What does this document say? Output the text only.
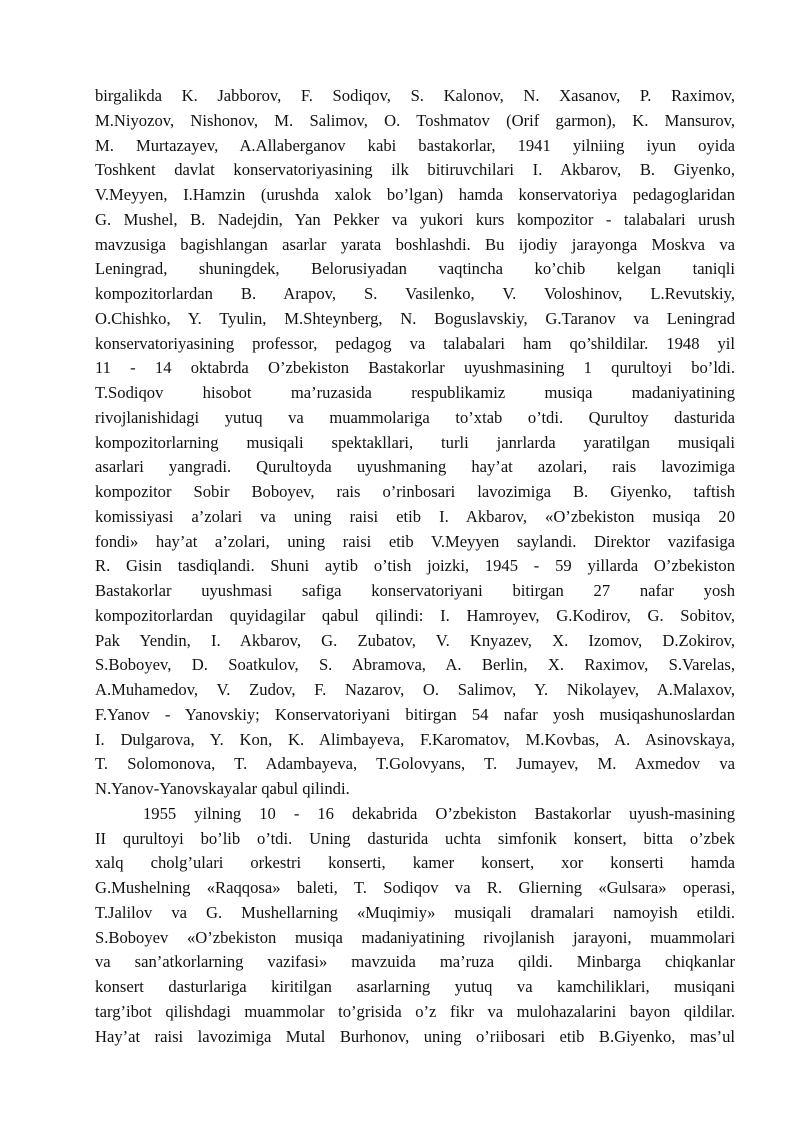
birgalikda K. Jabborov, F. Sodiqov, S. Kalonov, N. Xasanov, P. Raximov,
M.Niyozov, Nishonov, M. Salimov, O. Toshmatov (Orif garmon), K. Mansurov,
M. Murtazayev, A.Allaberganov kabi bastakorlar, 1941 yilniing iyun oyida
Toshkent davlat konservatoriyasining ilk bitiruvchilari I. Akbarov, B. Giyenko,
V.Meyyen, I.Hamzin (urushda xalok bo’lgan) hamda konservatoriya pedagoglaridan
G. Mushel, B. Nadejdin, Yan Pekker va yukori kurs kompozitor - talabalari urush
mavzusiga bagishlangan asarlar yarata boshlashdi. Bu ijodiy jarayonga Moskva va
Leningrad, shuningdek, Belorusiyadan vaqtincha ko’chib kelgan taniqli
kompozitorlardan B. Arapov, S. Vasilenko, V. Voloshinov, L.Revutskiy,
O.Chishko, Y. Tyulin, M.Shteynberg, N. Boguslavskiy, G.Taranov va Leningrad
konservatoriyasining professor, pedagog va talabalari ham qo’shildilar. 1948 yil
11 - 14 oktabrda O’zbekiston Bastakorlar uyushmasining 1 qurultoyi bo’ldi.
T.Sodiqov hisobot ma’ruzasida respublikamiz musiqa madaniyatining
rivojlanishidagi yutuq va muammolariga to’xtab o’tdi. Qurultoy dasturida
kompozitorlarning musiqali spektakllari, turli janrlarda yaratilgan musiqali
asarlari yangradi. Qurultoyda uyushmaning hay’at azolari, rais lavozimiga
kompozitor Sobir Boboyev, rais o’rinbosari lavozimiga B. Giyenko, taftish
komissiyasi a’zolari va uning raisi etib I. Akbarov, «O’zbekiston musiqa 20
fondi» hay’at a’zolari, uning raisi etib V.Meyyen saylandi. Direktor vazifasiga
R. Gisin tasdiqlandi. Shuni aytib o’tish joizki, 1945 - 59 yillarda O’zbekiston
Bastakorlar uyushmasi safiga konservatoriyani bitirgan 27 nafar yosh
kompozitorlardan quyidagilar qabul qilindi: I. Hamroyev, G.Kodirov, G. Sobitov,
Pak Yendin, I. Akbarov, G. Zubatov, V. Knyazev, X. Izomov, D.Zokirov,
S.Boboyev, D. Soatkulov, S. Abramova, A. Berlin, X. Raximov, S.Varelas,
A.Muhamedov, V. Zudov, F. Nazarov, O. Salimov, Y. Nikolayev, A.Malaxov,
F.Yanov - Yanovskiy; Konservatoriyani bitirgan 54 nafar yosh musiqashunoslardan
I. Dulgarova, Y. Kon, K. Alimbayeva, F.Karomatov, M.Kovbas, A. Asinovskaya,
T. Solomonova, T. Adambayeva, T.Golovyans, T. Jumayev, M. Axmedov va
N.Yanov-Yanovskayalar qabul qilindi.
1955 yilning 10 - 16 dekabrida O’zbekiston Bastakorlar uyush-masining
II qurultoyi bo’lib o’tdi. Uning dasturida uchta simfonik konsert, bitta o’zbek
xalq cholg’ulari orkestri konserti, kamer konsert, xor konserti hamda
G.Mushelning «Raqqosa» baleti, T. Sodiqov va R. Glierning «Gulsara» operasi,
T.Jalilov va G. Mushellarning «Muqimiy» musiqali dramalari namoyish etildi.
S.Boboyev «O’zbekiston musiqa madaniyatining rivojlanish jarayoni, muammolari
va san’atkorlarning vazifasi» mavzuida ma’ruza qildi. Minbarga chiqkanlar
konsert dasturlariga kiritilgan asarlarning yutuq va kamchiliklari, musiqani
targ’ibot qilishdagi muammolar to’grisida o’z fikr va mulohazalarini bayon qildilar.
Hay’at raisi lavozimiga Mutal Burhonov, uning o’riibosari etib B.Giyenko, mas’ul
